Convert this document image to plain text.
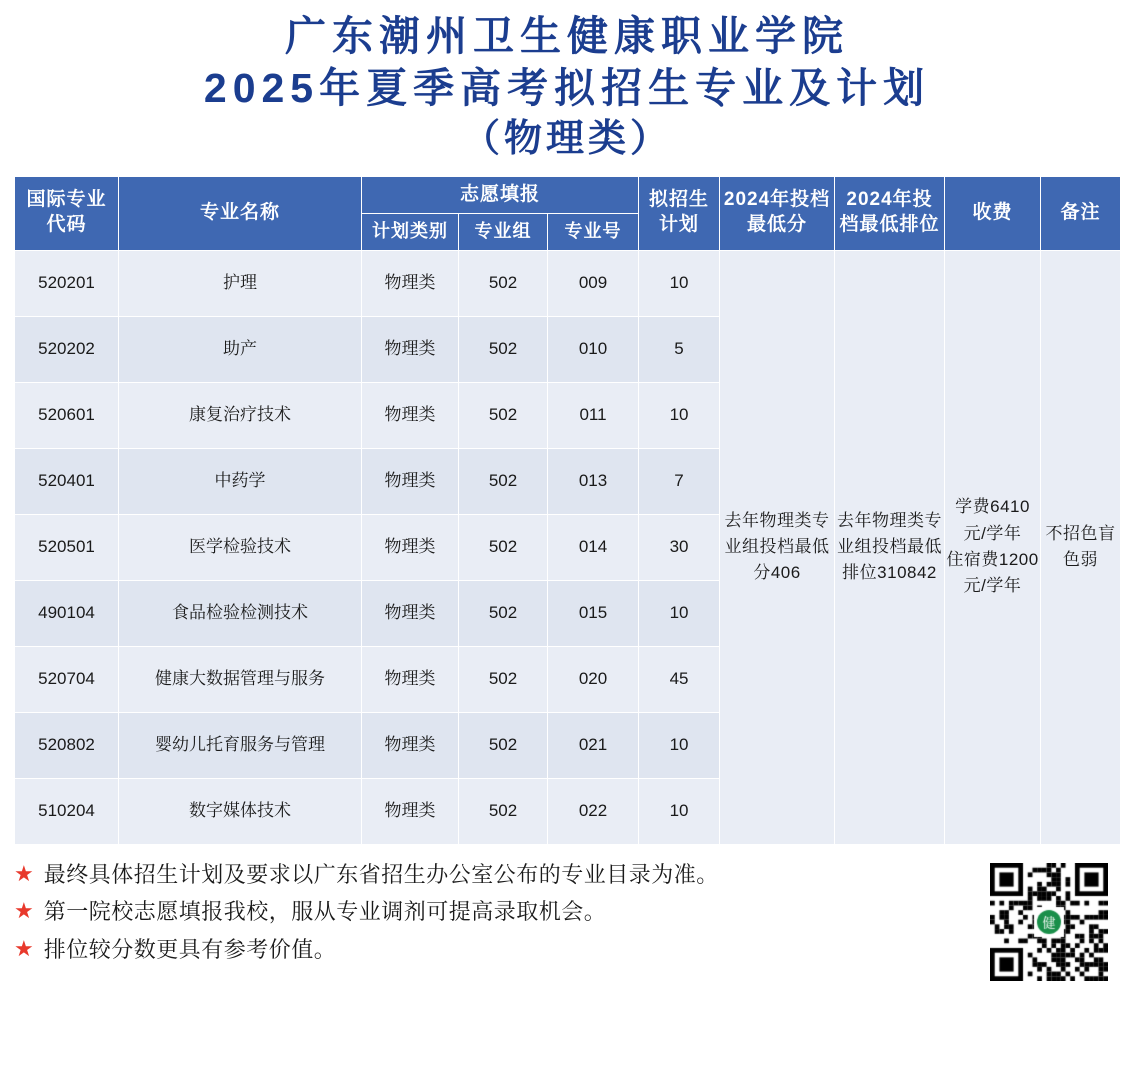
广东潮州卫生健康职业学院
2025年夏季高考拟招生专业及计划
（物理类）
国际专业代码	专业名称	志愿填报			拟招生计划	2024年投档最低分	2024年投档最低排位	收费	备注
		计划类别	专业组	专业号					
520201	护理	物理类	502	009	10	去年物理类专业组投档最低分406	去年物理类专业组投档最低排位310842	学费6410元/学年
住宿费1200元/学年	不招色盲色弱

520202	助产	物理类	502	010	5				
520601	康复治疗技术	物理类	502	011	10				
520401	中药学	物理类	502	013	7				
520501	医学检验技术	物理类	502	014	30				
490104	食品检验检测技术	物理类	502	015	10				
520704	健康大数据管理与服务	物理类	502	020	45				
520802	婴幼儿托育服务与管理	物理类	502	021	10				
510204	数字媒体技术	物理类	502	022	10				
★ 最终具体招生计划及要求以广东省招生办公室公布的专业目录为准。
★ 第一院校志愿填报我校，服从专业调剂可提高录取机会。
★ 排位较分数更具有参考价值。
